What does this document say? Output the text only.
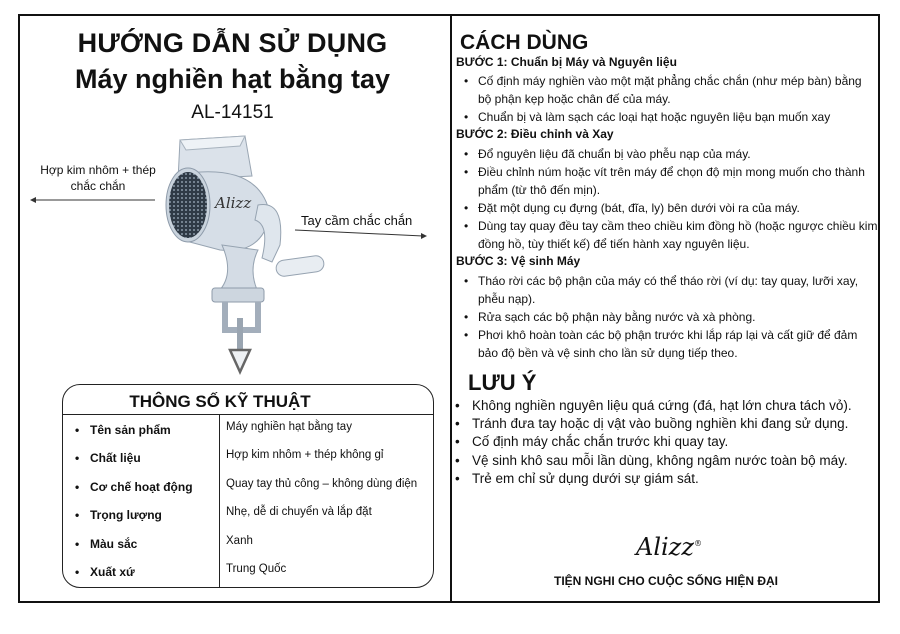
HƯỚNG DẪN SỬ DỤNG
Máy nghiền hạt bằng tay
AL-14151
Hợp kim nhôm + thép chắc chắn
Tay cầm chắc chắn
Alizz
THÔNG SỐ KỸ THUẬT
• Tên sản phẩm	Máy nghiền hạt bằng tay
• Chất liệu	Hợp kim nhôm + thép không gỉ
• Cơ chế hoạt động	Quay tay thủ công – không dùng điện
• Trọng lượng	Nhẹ, dễ di chuyển và lắp đặt
• Màu sắc	Xanh
• Xuất xứ	Trung Quốc
CÁCH DÙNG
BƯỚC 1: Chuẩn bị Máy và Nguyên liệu
• Cố định máy nghiền vào một mặt phẳng chắc chắn (như mép bàn) bằng bộ phận kẹp hoặc chân đế của máy.
• Chuẩn bị và làm sạch các loại hạt hoặc nguyên liệu bạn muốn xay
BƯỚC 2: Điều chỉnh và Xay
• Đổ nguyên liệu đã chuẩn bị vào phễu nạp của máy.
• Điều chỉnh núm hoặc vít trên máy để chọn độ mịn mong muốn cho thành phẩm (từ thô đến mịn).
• Đặt một dụng cụ đựng (bát, đĩa, ly) bên dưới vòi ra của máy.
• Dùng tay quay đều tay cầm theo chiều kim đồng hồ (hoặc ngược chiều kim đồng hồ, tùy thiết kế) để tiến hành xay nguyên liệu.
BƯỚC 3: Vệ sinh Máy
• Tháo rời các bộ phận của máy có thể tháo rời (ví dụ: tay quay, lưỡi xay, phễu nạp).
• Rửa sạch các bộ phận này bằng nước và xà phòng.
• Phơi khô hoàn toàn các bộ phận trước khi lắp ráp lại và cất giữ để đảm bảo độ bền và vệ sinh cho lần sử dụng tiếp theo.
LƯU Ý
• Không nghiền nguyên liệu quá cứng (đá, hạt lớn chưa tách vỏ).
• Tránh đưa tay hoặc dị vật vào buồng nghiền khi đang sử dụng.
• Cố định máy chắc chắn trước khi quay tay.
• Vệ sinh khô sau mỗi lần dùng, không ngâm nước toàn bộ máy.
• Trẻ em chỉ sử dụng dưới sự giám sát.
Alizz®
TIỆN NGHI CHO CUỘC SỐNG HIỆN ĐẠI
